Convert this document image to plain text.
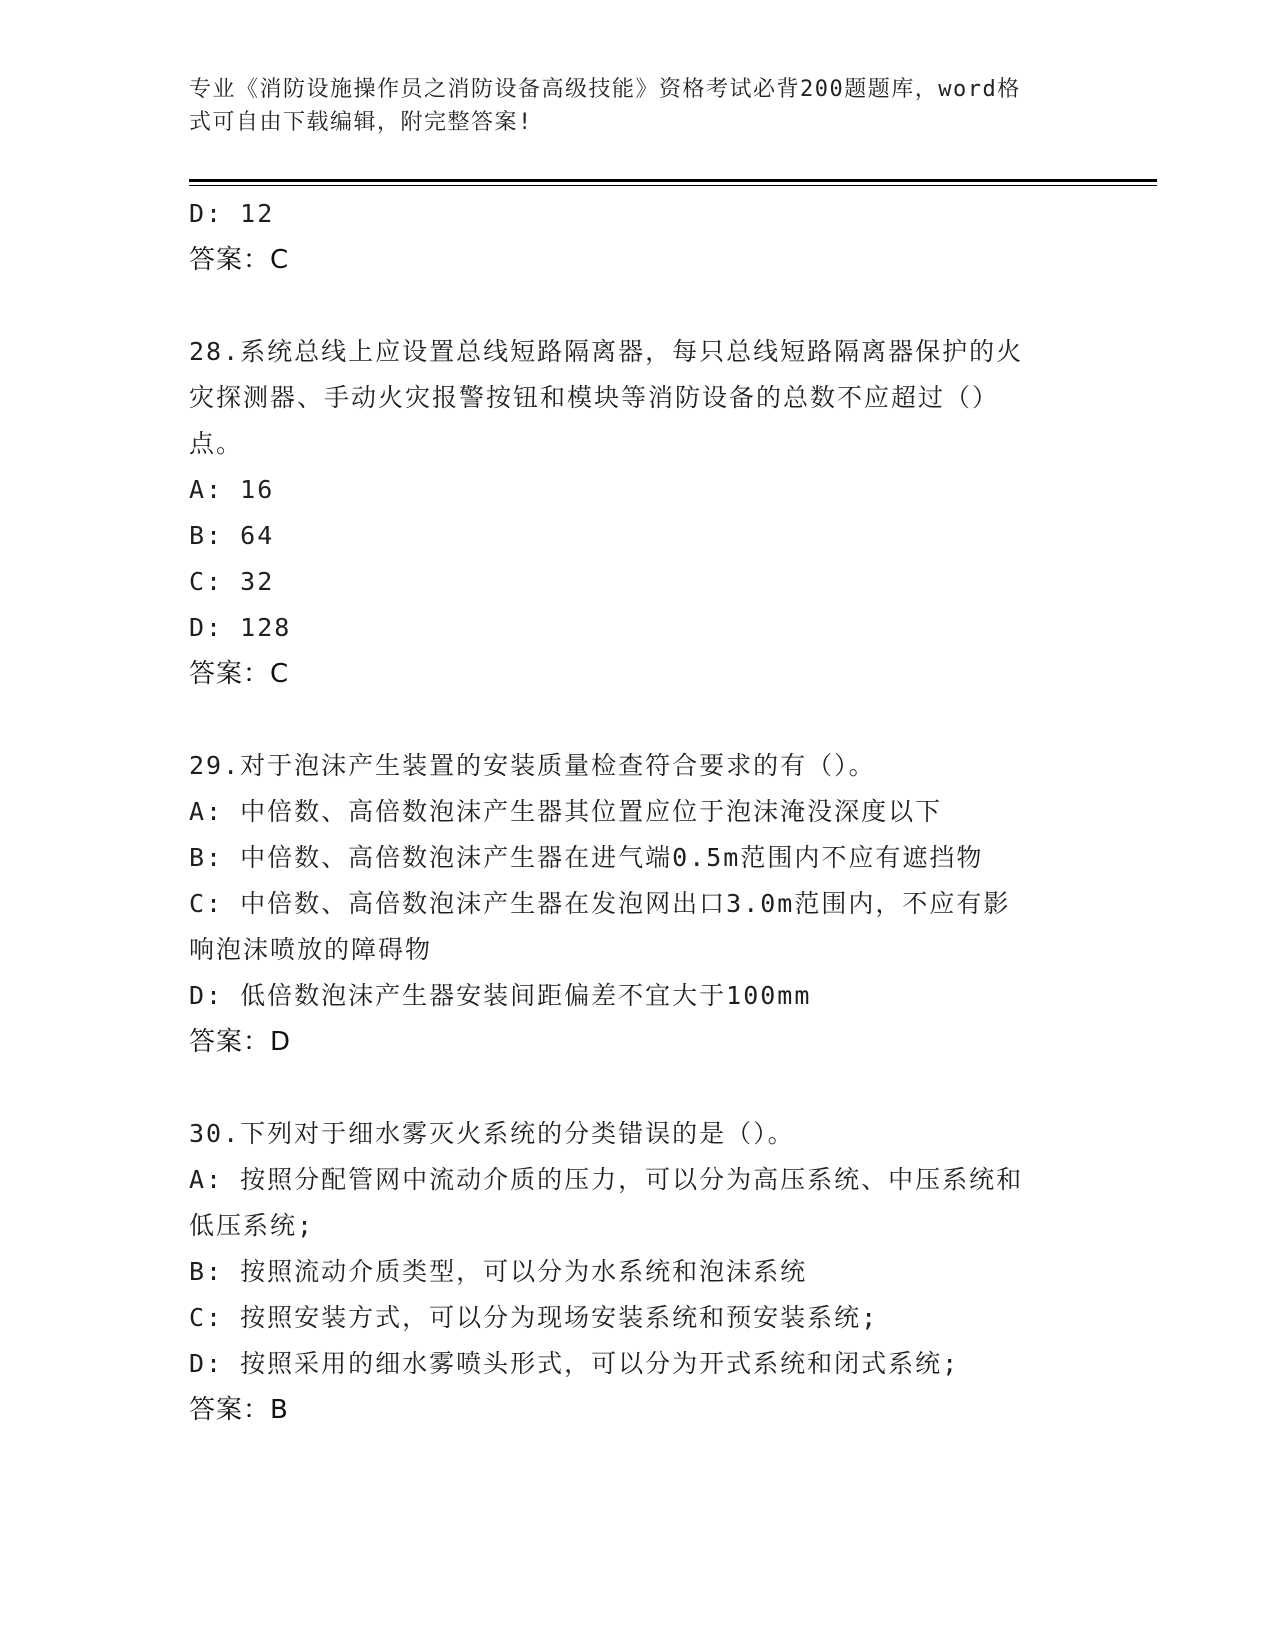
专业《消防设施操作员之消防设备高级技能》资格考试必背200题题库，word格
式可自由下载编辑，附完整答案!
D: 12
答案：C
28.系统总线上应设置总线短路隔离器，每只总线短路隔离器保护的火
灾探测器、手动火灾报警按钮和模块等消防设备的总数不应超过（）
点。
A: 16
B: 64
C: 32
D: 128
答案：C
29.对于泡沫产生装置的安装质量检查符合要求的有（）。
A: 中倍数、高倍数泡沫产生器其位置应位于泡沫淹没深度以下
B: 中倍数、高倍数泡沫产生器在进气端0.5m范围内不应有遮挡物
C: 中倍数、高倍数泡沫产生器在发泡网出口3.0m范围内，不应有影
响泡沫喷放的障碍物
D: 低倍数泡沫产生器安装间距偏差不宜大于100mm
答案：D
30.下列对于细水雾灭火系统的分类错误的是（）。
A: 按照分配管网中流动介质的压力，可以分为高压系统、中压系统和
低压系统;
B: 按照流动介质类型，可以分为水系统和泡沫系统
C: 按照安装方式，可以分为现场安装系统和预安装系统;
D: 按照采用的细水雾喷头形式，可以分为开式系统和闭式系统;
答案：B
